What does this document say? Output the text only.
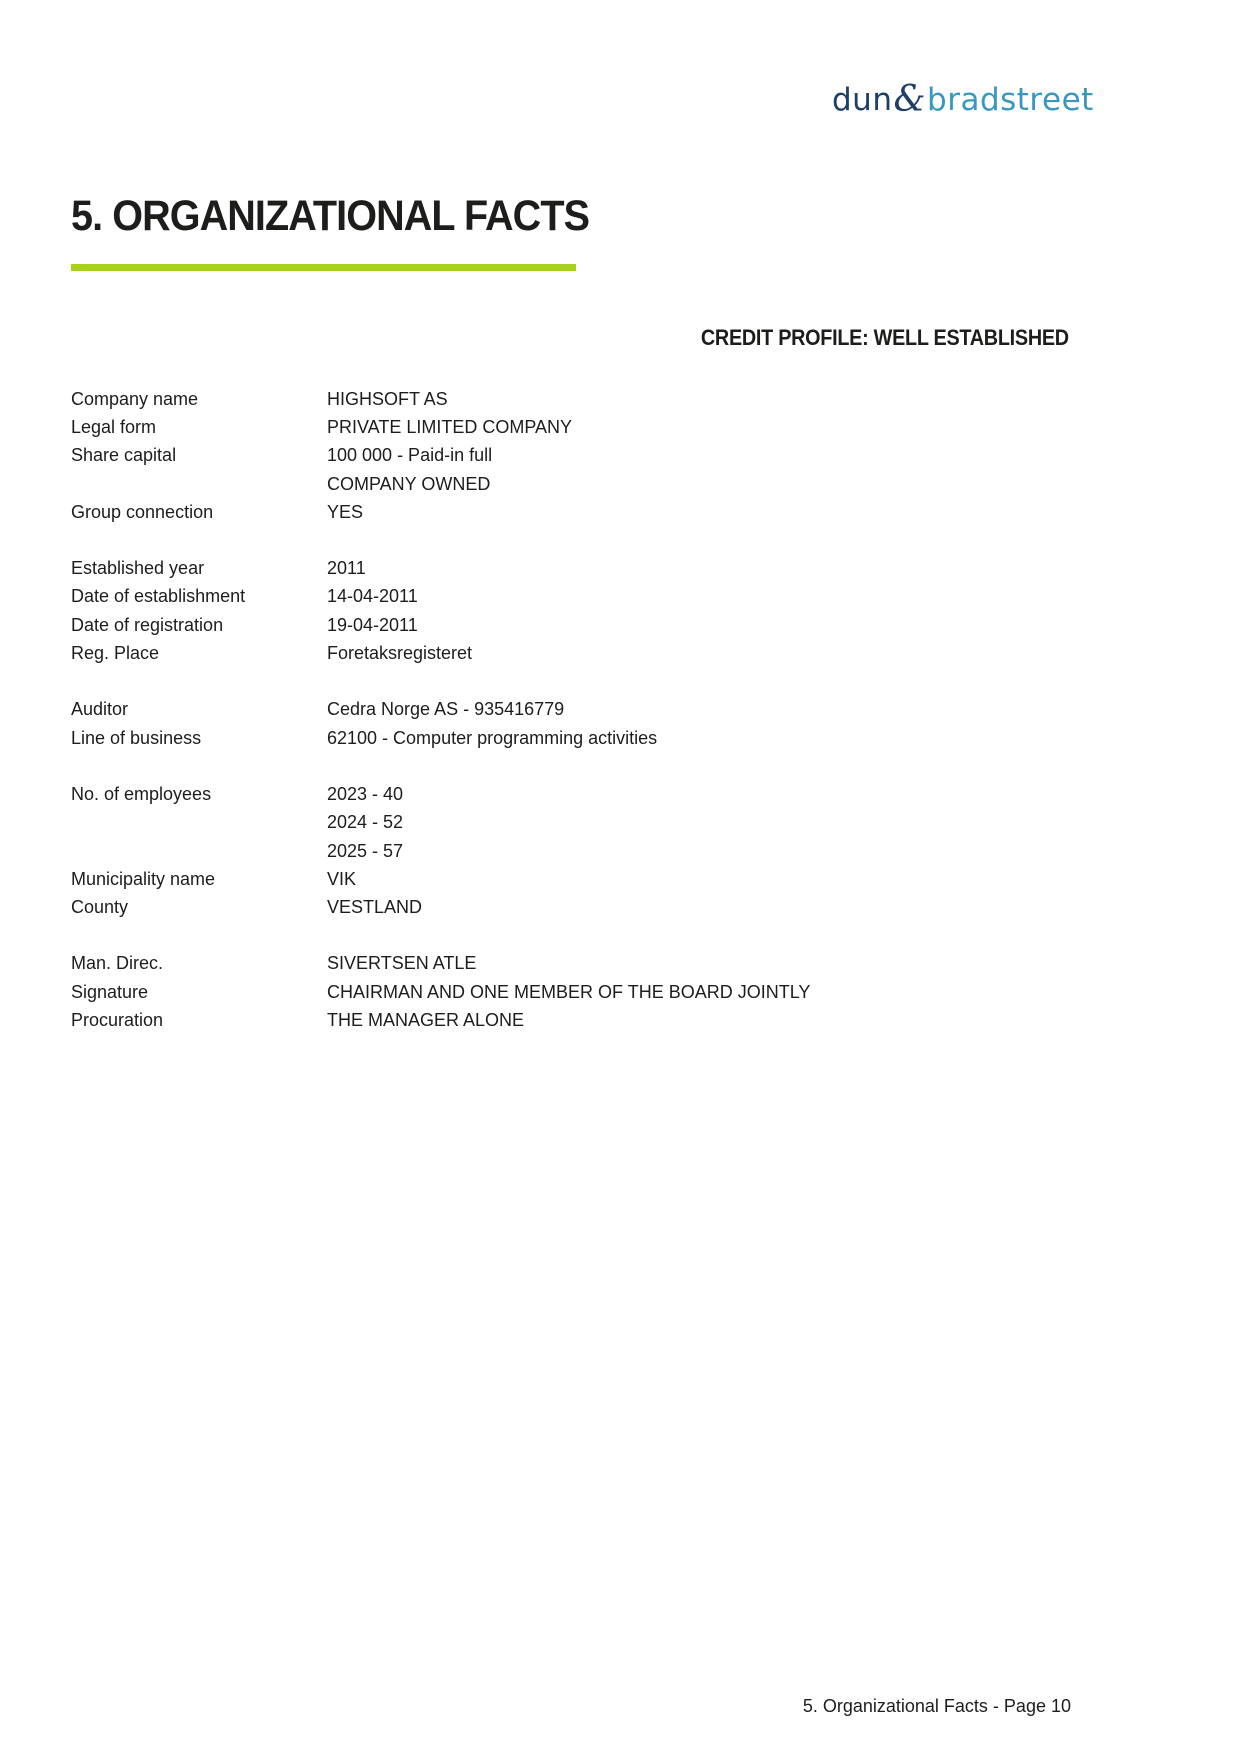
dun & bradstreet
5. ORGANIZATIONAL FACTS
CREDIT PROFILE: WELL ESTABLISHED
Company name	HIGHSOFT AS
Legal form	PRIVATE LIMITED COMPANY
Share capital	100 000 - Paid-in full
COMPANY OWNED
Group connection	YES
Established year	2011
Date of establishment	14-04-2011
Date of registration	19-04-2011
Reg. Place	Foretaksregisteret
Auditor	Cedra Norge AS - 935416779
Line of business	62100 - Computer programming activities
No. of employees	2023 - 40
2024 - 52
2025 - 57
Municipality name	VIK
County	VESTLAND
Man. Direc.	SIVERTSEN ATLE
Signature	CHAIRMAN AND ONE MEMBER OF THE BOARD JOINTLY
Procuration	THE MANAGER ALONE
5. Organizational Facts - Page 10
